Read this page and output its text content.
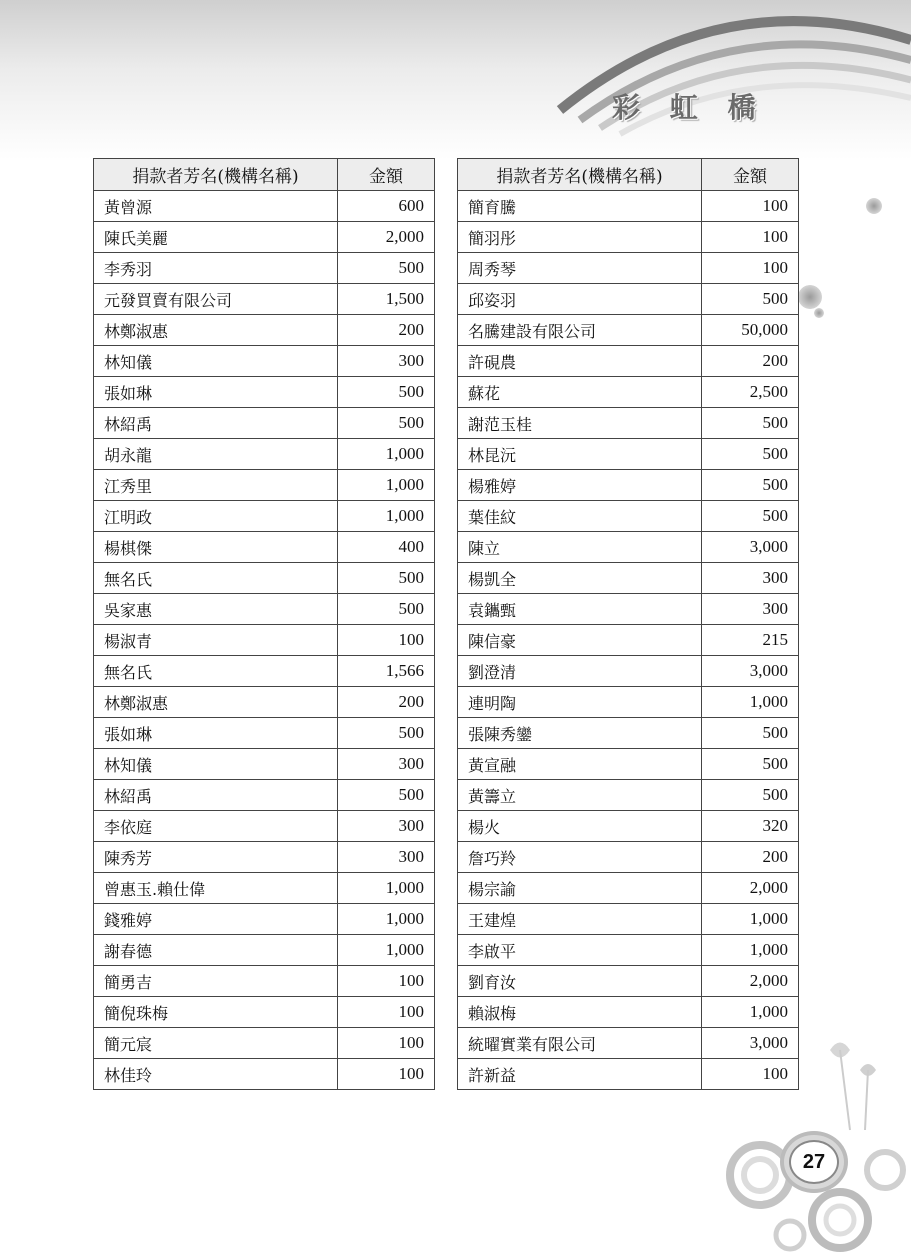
彩 虹 橋
捐款者芳名(機構名稱)	金額
黃曾源	600
陳氏美麗	2,000
李秀羽	500
元發買賣有限公司	1,500
林鄭淑惠	200
林知儀	300
張如琳	500
林紹禹	500
胡永龍	1,000
江秀里	1,000
江明政	1,000
楊棋傑	400
無名氏	500
吳家惠	500
楊淑青	100
無名氏	1,566
林鄭淑惠	200
張如琳	500
林知儀	300
林紹禹	500
李依庭	300
陳秀芳	300
曾惠玉.賴仕偉	1,000
錢雅婷	1,000
謝春德	1,000
簡勇吉	100
簡倪珠梅	100
簡元宸	100
林佳玲	100
捐款者芳名(機構名稱)	金額
簡育騰	100
簡羽彤	100
周秀琴	100
邱姿羽	500
名騰建設有限公司	50,000
許硯農	200
蘇花	2,500
謝范玉桂	500
林昆沅	500
楊雅婷	500
葉佳紋	500
陳立	3,000
楊凱全	300
袁鑴甄	300
陳信豪	215
劉澄清	3,000
連明陶	1,000
張陳秀鑾	500
黃宣融	500
黃籌立	500
楊火	320
詹巧羚	200
楊宗諭	2,000
王建煌	1,000
李啟平	1,000
劉育汝	2,000
賴淑梅	1,000
統曜實業有限公司	3,000
許新益	100
27
